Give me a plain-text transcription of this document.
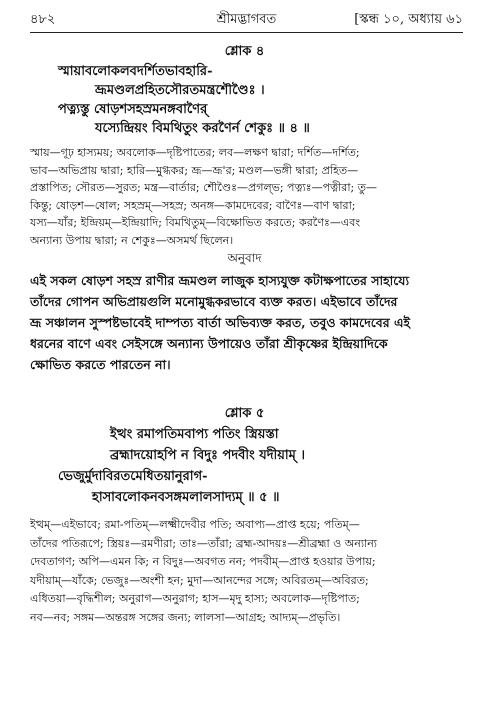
৪৮২	শ্রীমদ্ভাগবত	[স্কন্ধ ১০, অধ্যায় ৬১
শ্লোক ৪
স্মায়াবলোকলবদর্শিতভাবহারি-
ভ্রূমণ্ডলপ্রহিতসৌরতমন্ত্রশৌণ্ডৈঃ ।
পত্ন্যস্তু ষোড়শসহস্রমনঙ্গবাণৈর্
যস্যেন্দ্রিয়ং বিমথিতুং করণৈর্ন শেকুঃ ॥ ৪ ॥
স্মায়—গূঢ় হাস্যময়; অবলোক—দৃষ্টিপাতের; লব—লক্ষণ দ্বারা; দর্শিত—দর্শিত;
ভাব—অভিপ্রায় দ্বারা; হারি—মুগ্ধকর; ভ্রূ—ভ্রূ'র; মণ্ডল—ভঙ্গী দ্বারা; প্রহিত—
প্রস্তাপিত; সৌরত—সুরত; মন্ত্র—বার্তার; শৌণ্ডৈঃ—প্রগল্ভ; পত্ন্যঃ—পত্নীরা; তু—
কিন্তু; ষোড়শ—ষোল; সহস্রম্—সহস্র; অনঙ্গ—কামদেবের; বাণৈঃ—বাণ দ্বারা;
যস্য—যাঁর; ইন্দ্রিয়ম্—ইন্দ্রিয়াদি; বিমথিতুম্—বিক্ষোভিত করতে; করণৈঃ—এবং
অন্যান্য উপায় দ্বারা; ন শেকুঃ—অসমর্থ ছিলেন।
অনুবাদ
এই সকল ষোড়শ সহস্র রাণীর ভ্রূমণ্ডল লাজুক হাস্যযুক্ত কটাক্ষপাতের সাহায্যে
তাঁদের গোপন অভিপ্রায়গুলি মনোমুগ্ধকরভাবে ব্যক্ত করত। এইভাবে তাঁদের
ভ্রূ সঞ্চালন সুস্পষ্টভাবেই দাম্পত্য বার্তা অভিব্যক্ত করত, তবুও কামদেবের এই
ধরনের বাণে এবং সেইসঙ্গে অন্যান্য উপায়েও তাঁরা শ্রীকৃষ্ণের ইন্দ্রিয়াদিকে
ক্ষোভিত করতে পারতেন না।
শ্লোক ৫
ইত্থং রমাপতিমবাপ্য পতিং স্ত্রিয়স্তা
ব্রহ্মাদয়োহপি ন বিদুঃ পদবীং যদীয়াম্ ।
ভেজুর্মুদাবিরতমেধিতয়ানুরাগ-
হাসাবলোকনবসঙ্গমলালসাদ্যম্ ॥ ৫ ॥
ইত্থম্—এইভাবে; রমা-পতিম্—লক্ষ্মীদেবীর পতি; অবাপ্য—প্রাপ্ত হয়ে; পতিম্—
তাঁদের পতিরূপে; স্ত্রিয়ঃ—রমণীরা; তাঃ—তাঁরা; ব্রহ্ম-আদয়ঃ—শ্রীব্রহ্মা ও অন্যান্য
দেবতাগণ; অপি—এমন কি; ন বিদুঃ—অবগত নন; পদবীম্—প্রাপ্ত হওয়ার উপায়;
যদীয়াম্—যাঁকে; ভেজুঃ—অংশী হন; মুদা—আনন্দের সঙ্গে; অবিরতম্—অবিরত;
এধিতয়া—বৃদ্ধিশীল; অনুরাগ—অনুরাগ; হাস—মৃদু হাস্য; অবলোক—দৃষ্টিপাত;
নব—নব; সঙ্গম—অন্তরঙ্গ সঙ্গের জন্য; লালসা—আগ্রহ; আদ্যম্—প্রভৃতি।
